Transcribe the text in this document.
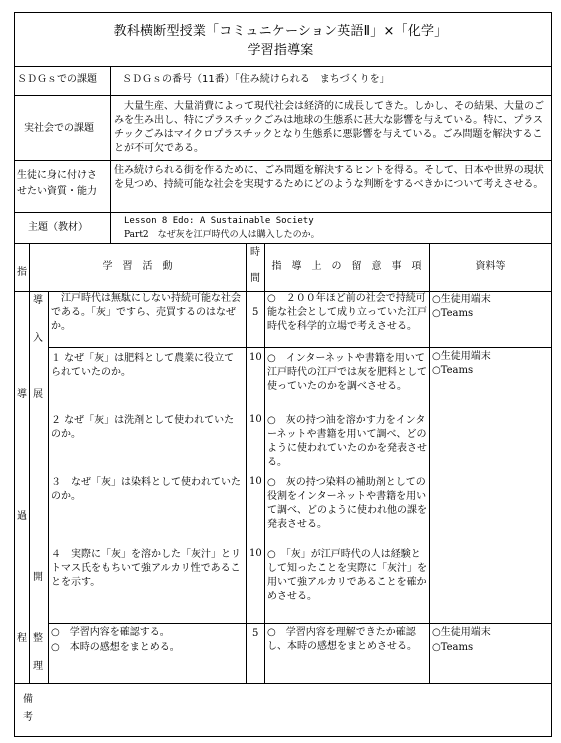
教科横断型授業「コミュニケーション英語Ⅱ」×「化学」
学習指導案
ＳＤＧｓでの課題	ＳＤＧｓの番号（11番）「住み続けられる　まちづくりを」
実社会での課題
　大量生産、大量消費によって現代社会は経済的に成長してきた。しかし、その結果、大量のごみを生み出し、特にプラスチックごみは地球の生態系に甚大な影響を与えている。特に、プラスチックごみはマイクロプラスチックとなり生態系に悪影響を与えている。ごみ問題を解決することが不可欠である。
生徒に身に付けさ
せたい資質・能力
住み続けられる街を作るために、ごみ問題を解決するヒントを得る。そして、日本や世界の現状を見つめ、持続可能な社会を実現するためにどのような判断をするべきかについて考えさせる。
主題（教材）
Lesson 8 Edo: A Sustainable Society
Part2　なぜ灰を江戸時代の人は購入したのか。
指
学　習　活　動
時
間
指　導　上　の　留　意　事　項	資料等
導
過
程
導
入
展
開
整
理
　江戸時代は無駄にしない持続可能な社会である。「灰」ですら、売買するのはなぜか。
5
○　２００年ほど前の社会で持続可能な社会として成り立っていた江戸時代を科学的立場で考えさせる。
○生徒用端末
○Teams
１ なぜ「灰」は肥料として農業に役立てられていたのか。
10 ○　インターネットや書籍を用いて江戸時代の江戸では灰を肥料として使っていたのかを調べさせる。
○生徒用端末
○Teams
２ なぜ「灰」は洗剤として使われていたのか。
10 ○　灰の持つ油を溶かす力をインターネットや書籍を用いて調べ、どのように使われていたのかを発表させる。
３　なぜ「灰」は染料として使われていたのか。
10 ○　灰の持つ染料の補助剤としての役割をインターネットや書籍を用いて調べ、どのように使われ他の課を発表させる。
４　実際に「灰」を溶かした「灰汁」とリトマス氏をもちいて強アルカリ性であることを示す。
10 ○　「灰」が江戸時代の人は経験として知ったことを実際に「灰汁」を用いて強アルカリであることを確かめさせる。
○　学習内容を確認する。
○　本時の感想をまとめる。
5 ○　学習内容を理解できたか確認し、本時の感想をまとめさせる。
○生徒用端末
○Teams
備
考
